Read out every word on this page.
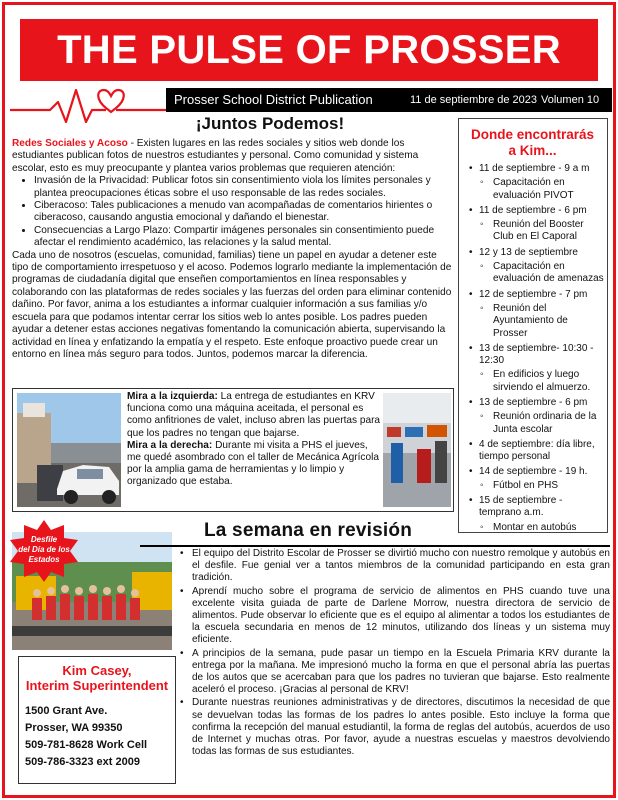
THE PULSE OF PROSSER
Prosser School District Publication	11 de septiembre de 2023 Volumen 10
¡Juntos Podemos!

Redes Sociales y Acoso - Existen lugares en las redes sociales y sitios web donde los estudiantes publican fotos de nuestros estudiantes y personal. Como comunidad y sistema escolar, esto es muy preocupante y plantea varios problemas que requieren atención:

• Invasión de la Privacidad: Publicar fotos sin consentimiento viola los límites personales y plantea preocupaciones éticas sobre el uso responsable de las redes sociales.
• Ciberacoso: Tales publicaciones a menudo van acompañadas de comentarios hirientes o ciberacoso, causando angustia emocional y dañando el bienestar.
• Consecuencias a Largo Plazo: Compartir imágenes personales sin consentimiento puede afectar el rendimiento académico, las relaciones y la salud mental.

Cada uno de nosotros (escuelas, comunidad, familias) tiene un papel en ayudar a detener este tipo de comportamiento irrespetuoso y el acoso. Podemos lograrlo mediante la implementación de programas de ciudadanía digital que enseñen comportamientos en línea responsables y colaborando con las plataformas de redes sociales y las fuerzas del orden para eliminar contenido dañino. Por favor, anima a los estudiantes a informar cualquier información a sus familias y/o escuela para que podamos intentar cerrar los sitios web lo antes posible. Los padres pueden ayudar a detener estas acciones negativas fomentando la comunicación abierta, supervisando la actividad en línea y enfatizando la empatía y el respeto. Este enfoque proactivo puede crear un entorno en línea más seguro para todos. Juntos, podemos marcar la diferencia.

Donde encontrarás
a Kim...
• 11 de septiembre - 9 a m
◦ Capacitación en evaluación PIVOT
• 11 de septiembre - 6 pm
◦ Reunión del Booster Club en El Caporal
• 12 y 13 de septiembre
◦ Capacitación en evaluación de amenazas
• 12 de septiembre - 7 pm
◦ Reunión del Ayuntamiento de Prosser
• 13 de septiembre- 10:30 - 12:30
◦ En edificios y luego sirviendo el almuerzo.
• 13 de septiembre - 6 pm
◦ Reunión ordinaria de la Junta escolar
• 4 de septiembre: día libre, tiempo personal
• 14 de septiembre - 19 h.
◦ Fútbol en PHS
• 15 de septiembre - temprano a.m.
◦ Montar en autobús

Mira a la izquierda: La entrega de estudiantes en KRV funciona como una máquina aceitada, el personal es como anfitriones de valet, incluso abren las puertas para que los padres no tengan que bajarse.

Mira a la derecha: Durante mi visita a PHS el jueves, me quedé asombrado con el taller de Mecánica Agrícola por la amplia gama de herramientas y lo limpio y organizado que estaba.

Desfile
del Día de los
Estados
La semana en revisión
• El equipo del Distrito Escolar de Prosser se divirtió mucho con nuestro remolque y autobús en el desfile. Fue genial ver a tantos miembros de la comunidad participando en esta gran tradición.
• Aprendí mucho sobre el programa de servicio de alimentos en PHS cuando tuve una excelente visita guiada de parte de Darlene Morrow, nuestra directora de servicio de alimentos. Pude observar lo eficiente que es el equipo al alimentar a todos los estudiantes de la escuela secundaria en menos de 12 minutos, utilizando dos líneas y un sistema muy eficiente.
• A principios de la semana, pude pasar un tiempo en la Escuela Primaria KRV durante la entrega por la mañana. Me impresionó mucho la forma en que el personal abría las puertas de los autos que se acercaban para que los padres no tuvieran que bajarse. Esto realmente aceleró el proceso. ¡Gracias al personal de KRV!
• Durante nuestras reuniones administrativas y de directores, discutimos la necesidad de que se devuelvan todas las formas de los padres lo antes posible. Esto incluye la forma que confirma la recepción del manual estudiantil, la forma de reglas del autobús, acuerdos de uso de Internet y muchas otras. Por favor, ayude a nuestras escuelas y maestros devolviendo todas las formas de sus estudiantes.
Kim Casey,
Interim Superintendent
1500 Grant Ave.
Prosser, WA 99350
509-781-8628 Work Cell
509-786-3323 ext 2009
